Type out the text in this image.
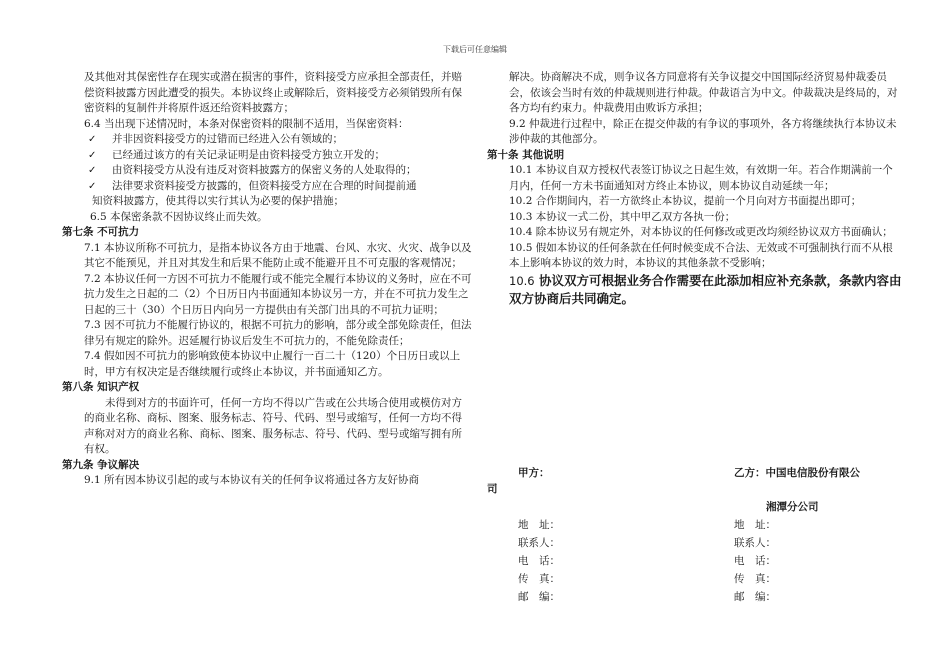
下载后可任意编辑

及其他对其保密性存在现实或潜在损害的事件，资料接受方应承担全部责任，并赔偿资料披露方因此遭受的损失。本协议终止或解除后，资料接受方必须销毁所有保密资料的复制件并将原件返还给资料披露方；

6.4 当出现下述情况时，本条对保密资料的限制不适用，当保密资料：

✓ 并非因资料接受方的过错而已经进入公有领域的；
✓ 已经通过该方的有关记录证明是由资料接受方独立开发的；
✓ 由资料接受方从没有违反对资料披露方的保密义务的人处取得的；
✓ 法律要求资料接受方披露的，但资料接受方应在合理的时间提前通

知资料披露方，使其得以实行其认为必要的保护措施；

6.5 本保密条款不因协议终止而失效。

第七条 不可抗力

7.1 本协议所称不可抗力，是指本协议各方由于地震、台风、水灾、火灾、战争以及其它不能预见，并且对其发生和后果不能防止或不能避开且不可克服的客观情况；

7.2 本协议任何一方因不可抗力不能履行或不能完全履行本协议的义务时，应在不可抗力发生之日起的二（2）个日历日内书面通知本协议另一方，并在不可抗力发生之日起的三十（30）个日历日内向另一方提供由有关部门出具的不可抗力证明；

7.3 因不可抗力不能履行协议的，根据不可抗力的影响，部分或全部免除责任，但法律另有规定的除外。迟延履行协议后发生不可抗力的，不能免除责任；

7.4 假如因不可抗力的影响致使本协议中止履行一百二十（120）个日历日或以上时，甲方有权决定是否继续履行或终止本协议，并书面通知乙方。

第八条 知识产权

未得到对方的书面许可，任何一方均不得以广告或在公共场合使用或模仿对方的商业名称、商标、图案、服务标志、符号、代码、型号或缩写，任何一方均不得声称对对方的商业名称、商标、图案、服务标志、符号、代码、型号或缩写拥有所有权。

第九条 争议解决

9.1 所有因本协议引起的或与本协议有关的任何争议将通过各方友好协商

解决。协商解决不成，则争议各方同意将有关争议提交中国国际经济贸易仲裁委员会，依该会当时有效的仲裁规则进行仲裁。仲裁语言为中文。仲裁裁决是终局的，对各方均有约束力。仲裁费用由败诉方承担；

9.2 仲裁进行过程中，除正在提交仲裁的有争议的事项外，各方将继续执行本协议未涉仲裁的其他部分。

第十条 其他说明

10.1 本协议自双方授权代表签订协议之日起生效，有效期一年。若合作期满前一个月内，任何一方未书面通知对方终止本协议，则本协议自动延续一年；

10.2 合作期间内，若一方欲终止本协议，提前一个月向对方书面提出即可；

10.3 本协议一式二份，其中甲乙双方各执一份；

10.4 除本协议另有规定外，对本协议的任何修改或更改均须经协议双方书面确认；

10.5 假如本协议的任何条款在任何时候变成不合法、无效或不可强制执行而不从根本上影响本协议的效力时，本协议的其他条款不受影响；

10.6 协议双方可根据业务合作需要在此添加相应补充条款，条款内容由双方协商后共同确定。

甲方：	乙方：中国电信股份有限公
司
湘潭分公司
地　址：
联系人：
电　话：
传　真：
邮　编：
地　址：
联系人：
电　话：
传　真：
邮　编：
